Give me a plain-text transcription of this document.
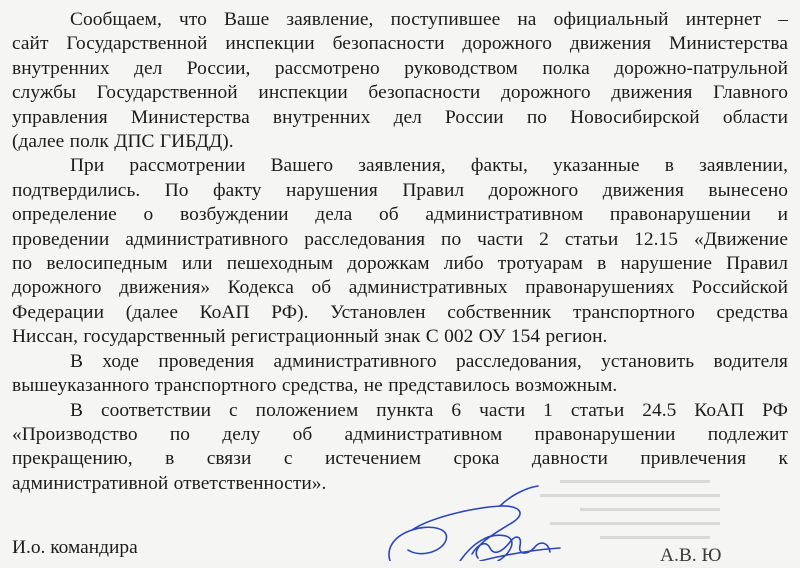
Сообщаем, что Ваше заявление, поступившее на официальный интернет –
сайт Государственной инспекции безопасности дорожного движения Министерства
внутренних дел России, рассмотрено руководством полка дорожно-патрульной
службы Государственной инспекции безопасности дорожного движения Главного
управления Министерства внутренних дел России по Новосибирской области
(далее полк ДПС ГИБДД).

При рассмотрении Вашего заявления, факты, указанные в заявлении,
подтвердились. По факту нарушения Правил дорожного движения вынесено
определение о возбуждении дела об административном правонарушении и
проведении административного расследования по части 2 статьи 12.15 «Движение
по велосипедным или пешеходным дорожкам либо тротуарам в нарушение Правил
дорожного движения» Кодекса об административных правонарушениях Российской
Федерации (далее КоАП РФ). Установлен собственник транспортного средства
Ниссан, государственный регистрационный знак С 002 ОУ 154 регион.

В ходе проведения административного расследования, установить водителя
вышеуказанного транспортного средства, не представилось возможным.

В соответствии с положением пункта 6 части 1 статьи 24.5 КоАП РФ
«Производство по делу об административном правонарушении подлежит
прекращению, в связи с истечением срока давности привлечения к
административной ответственности».

И.о. командира	А.В. Ю
